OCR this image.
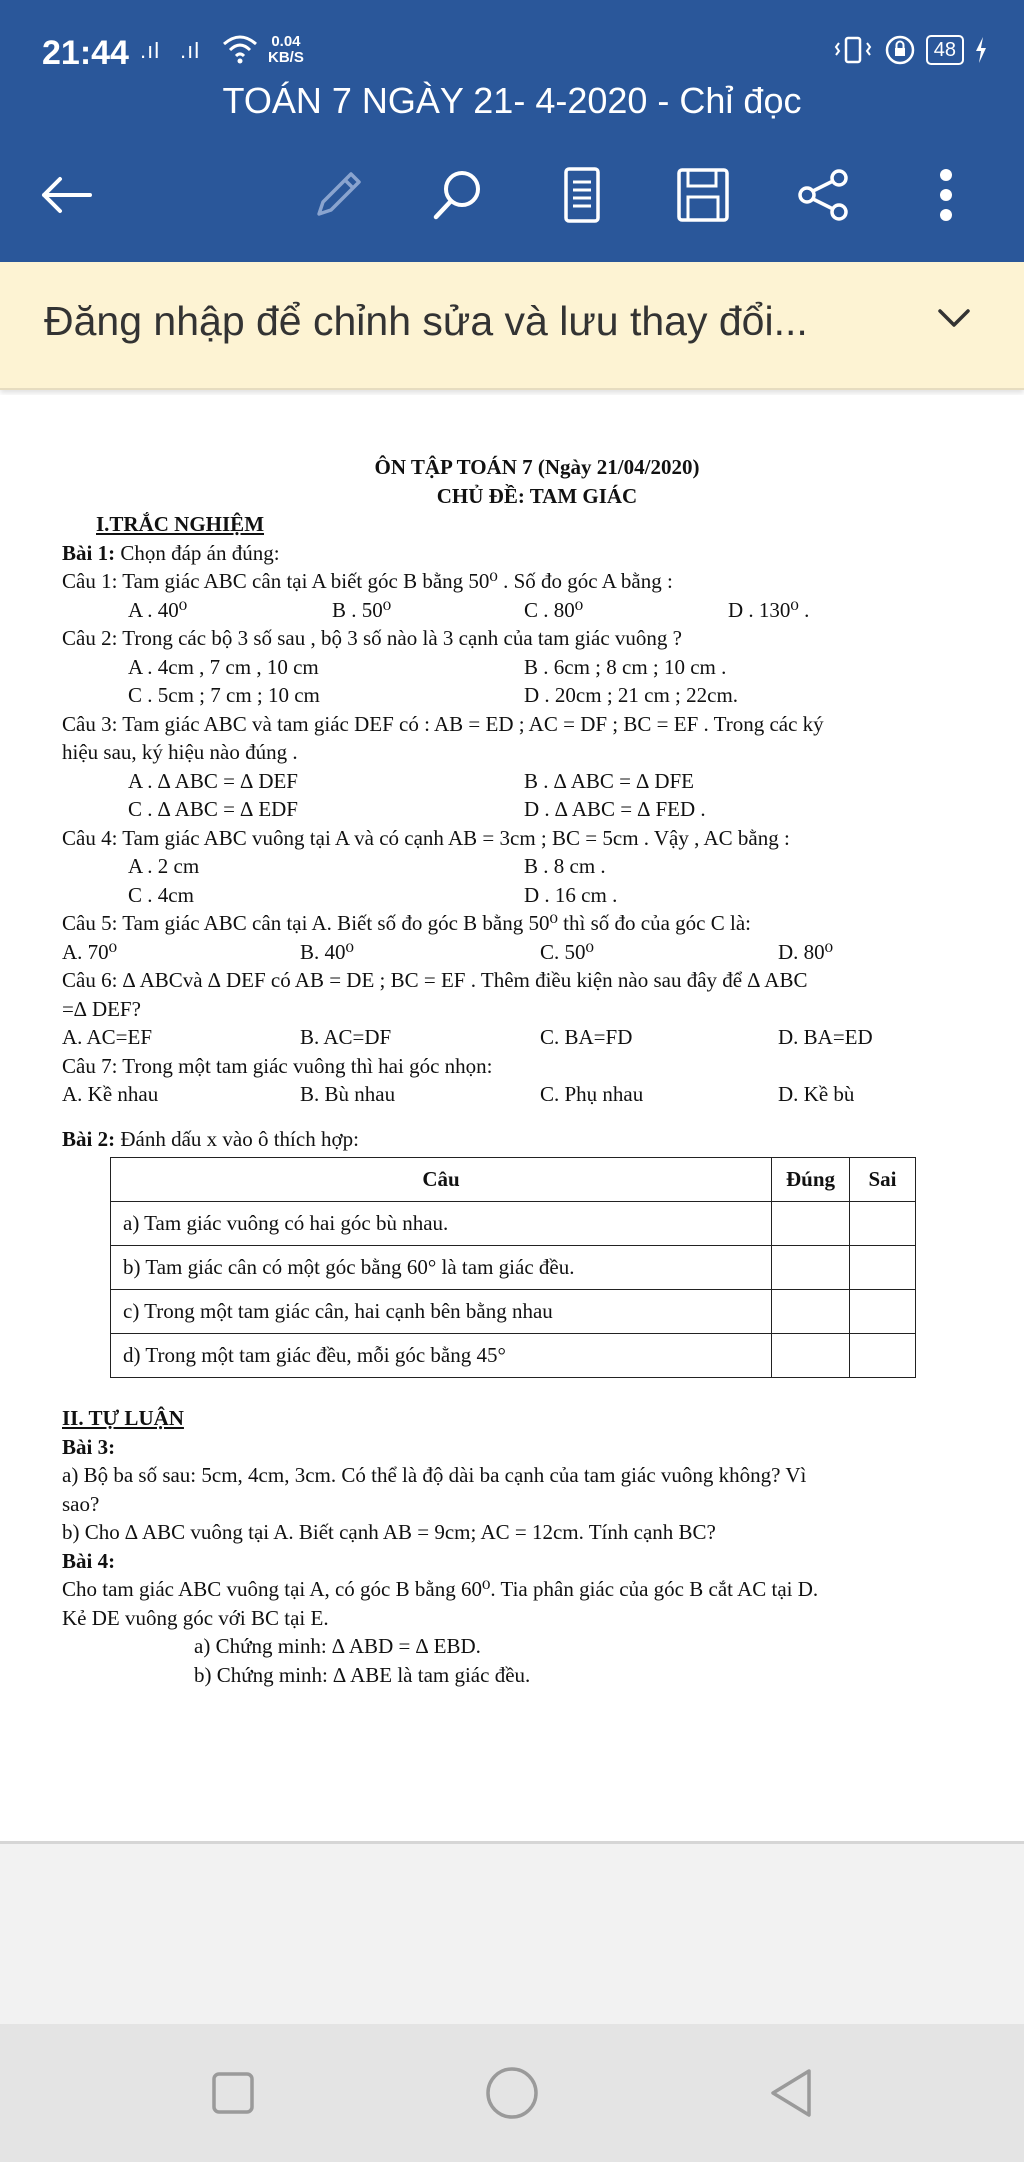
21:44 .ıl .ıl	0.04
KB/S	48
TOÁN 7 NGÀY 21- 4-2020 - Chỉ đọc
Đăng nhập để chỉnh sửa và lưu thay đổi...
ÔN TẬP TOÁN 7 (Ngày 21/04/2020)
CHỦ ĐỀ: TAM GIÁC
I.TRẮC NGHIỆM
Bài 1: Chọn đáp án đúng:
Câu 1: Tam giác ABC cân tại A biết góc B bằng 50⁰ . Số đo góc A bằng :
A . 40⁰	B . 50⁰	C . 80⁰	D . 130⁰ .
Câu 2: Trong các bộ 3 số sau , bộ 3 số nào là 3 cạnh của tam giác vuông ?
A . 4cm , 7 cm , 10 cm	B . 6cm ; 8 cm ; 10 cm .
C . 5cm ; 7 cm ; 10 cm	D . 20cm ; 21 cm ; 22cm.
Câu 3: Tam giác ABC và tam giác DEF có : AB = ED ; AC = DF ; BC = EF . Trong các ký
hiệu sau, ký hiệu nào đúng .
A . ∆ ABC = ∆ DEF	B . ∆ ABC = ∆ DFE
C . ∆ ABC = ∆ EDF	D . ∆ ABC = ∆ FED .
Câu 4: Tam giác ABC vuông tại A và có cạnh AB = 3cm ; BC = 5cm . Vậy , AC bằng :
A . 2 cm	B . 8 cm .
C . 4cm	D . 16 cm .
Câu 5: Tam giác ABC cân tại A. Biết số đo góc B bằng 50⁰ thì số đo của góc C là:
A. 70⁰	B. 40⁰	C. 50⁰	D. 80⁰
Câu 6: ∆ ABCvà ∆ DEF có AB = DE ; BC = EF . Thêm điều kiện nào sau đây để ∆ ABC
=∆ DEF?
A. AC=EF	B. AC=DF	C. BA=FD	D. BA=ED
Câu 7: Trong một tam giác vuông thì hai góc nhọn:
A. Kề nhau	B. Bù nhau	C. Phụ nhau	D. Kề bù
Bài 2: Đánh dấu x vào ô thích hợp:
Câu	Đúng	Sai
a) Tam giác vuông có hai góc bù nhau.		
b) Tam giác cân có một góc bằng 60° là tam giác đều.		
c) Trong một tam giác cân, hai cạnh bên bằng nhau		
d) Trong một tam giác đều, mỗi góc bằng 45°		
II. TỰ LUẬN
Bài 3:
a) Bộ ba số sau: 5cm, 4cm, 3cm. Có thể là độ dài ba cạnh của tam giác vuông không? Vì
sao?
b) Cho ∆ ABC vuông tại A. Biết cạnh AB = 9cm; AC = 12cm. Tính cạnh BC?
Bài 4:
Cho tam giác ABC vuông tại A, có góc B bằng 60⁰. Tia phân giác của góc B cắt AC tại D.
Kẻ DE vuông góc với BC tại E.
a) Chứng minh: ∆ ABD = ∆ EBD.
b) Chứng minh: ∆ ABE là tam giác đều.
